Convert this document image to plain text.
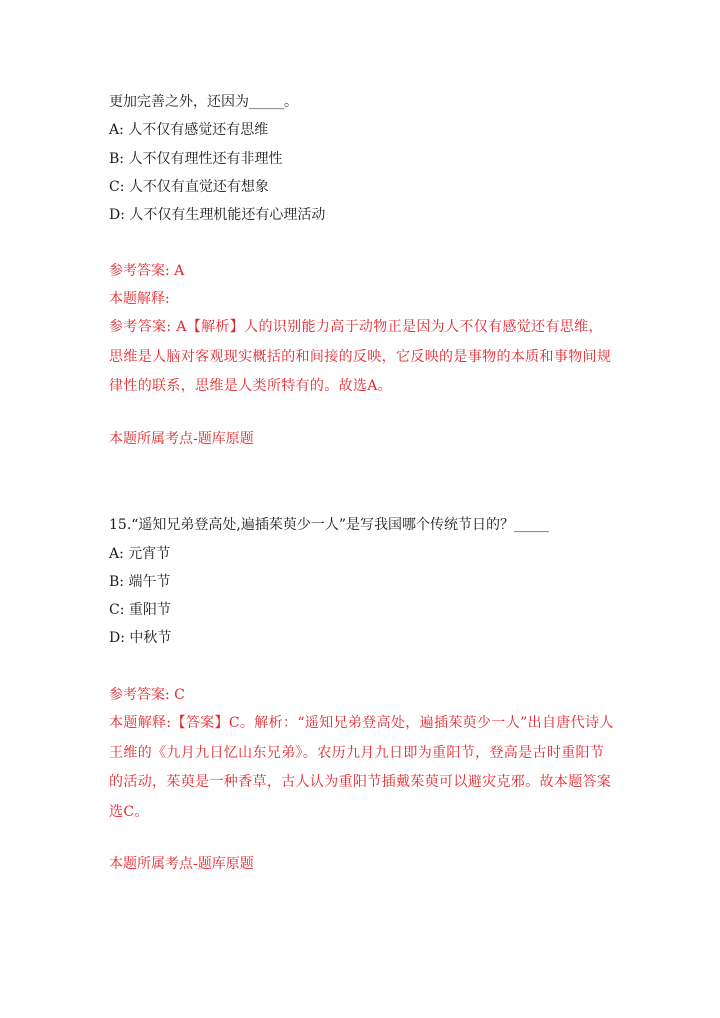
更加完善之外，还因为_____。
A: 人不仅有感觉还有思维
B: 人不仅有理性还有非理性
C: 人不仅有直觉还有想象
D: 人不仅有生理机能还有心理活动
参考答案: A
本题解释:
参考答案: A【解析】人的识别能力高于动物正是因为人不仅有感觉还有思维，思维是人脑对客观现实概括的和间接的反映，它反映的是事物的本质和事物间规律性的联系，思维是人类所特有的。故选A。
本题所属考点-题库原题
15.“遥知兄弟登高处,遍插茱萸少一人”是写我国哪个传统节日的？_____
A: 元宵节
B: 端午节
C: 重阳节
D: 中秋节
参考答案: C
本题解释:【答案】C。解析：“遥知兄弟登高处，遍插茱萸少一人”出自唐代诗人王维的《九月九日忆山东兄弟》。农历九月九日即为重阳节，登高是古时重阳节的活动，茱萸是一种香草，古人认为重阳节插戴茱萸可以避灾克邪。故本题答案选C。
本题所属考点-题库原题
